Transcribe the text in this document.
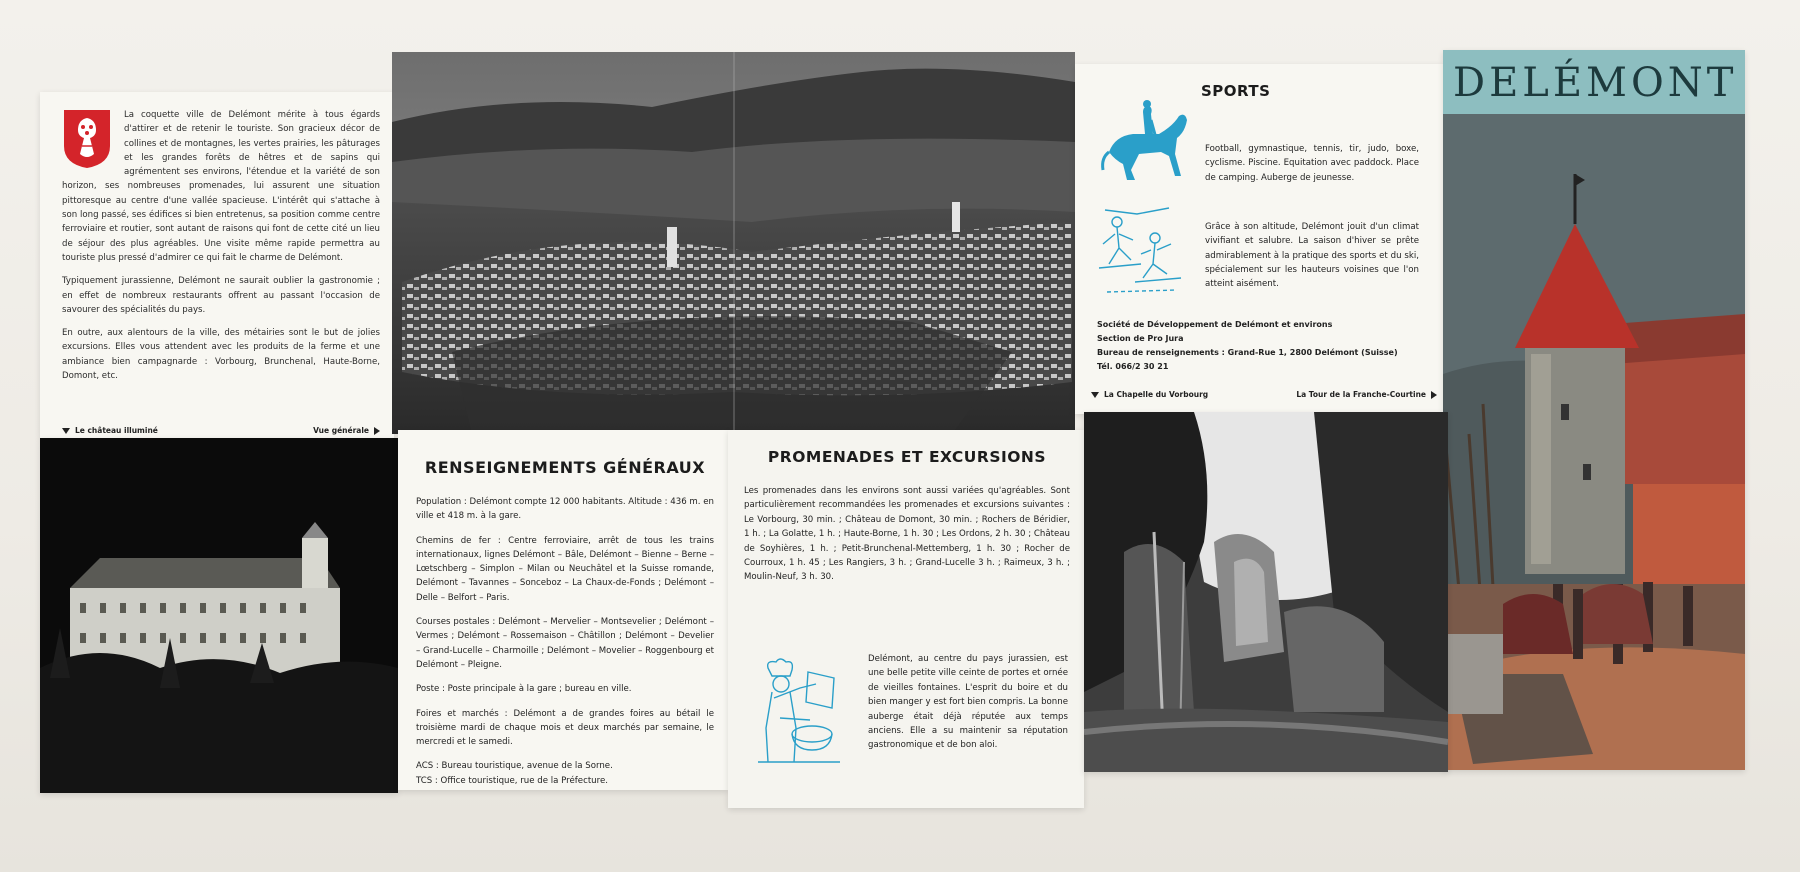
La coquette ville de Delémont mérite à tous égards d'attirer et de retenir le touriste. Son gracieux décor de collines et de montagnes, les vertes prairies, les pâturages et les grandes forêts de hêtres et de sapins qui agrémentent ses environs, l'étendue et la variété de son horizon, ses nombreuses promenades, lui assurent une situation pittoresque au centre d'une vallée spacieuse. L'intérêt qui s'attache à son long passé, ses édifices si bien entretenus, sa position comme centre ferroviaire et routier, sont autant de raisons qui font de cette cité un lieu de séjour des plus agréables. Une visite même rapide permettra au touriste plus pressé d'admirer ce qui fait le charme de Delémont.

Typiquement jurassienne, Delémont ne saurait oublier la gastronomie ; en effet de nombreux restaurants offrent au passant l'occasion de savourer des spécialités du pays.

En outre, aux alentours de la ville, des métairies sont le but de jolies excursions. Elles vous attendent avec les produits de la ferme et une ambiance bien campagnarde : Vorbourg, Brunchenal, Haute-Borne, Domont, etc.

Le château illuminé	Vue générale
SPORTS
Football, gymnastique, tennis, tir, judo, boxe, cyclisme. Piscine. Equitation avec paddock. Place de camping. Auberge de jeunesse.
Grâce à son altitude, Delémont jouit d'un climat vivifiant et salubre. La saison d'hiver se prête admirablement à la pratique des sports et du ski, spécialement sur les hauteurs voisines que l'on atteint aisément.
Société de Développement de Delémont et environs
Section de Pro Jura
Bureau de renseignements : Grand-Rue 1, 2800 Delémont (Suisse)
Tél. 066/2 30 21
La Chapelle du Vorbourg	La Tour de la Franche-Courtine
DELÉMONT
RENSEIGNEMENTS GÉNÉRAUX

Population : Delémont compte 12 000 habitants. Altitude : 436 m. en ville et 418 m. à la gare.

Chemins de fer : Centre ferroviaire, arrêt de tous les trains internationaux, lignes Delémont – Bâle, Delémont – Bienne – Berne – Lœtschberg – Simplon – Milan ou Neuchâtel et la Suisse romande, Delémont – Tavannes – Sonceboz – La Chaux-de-Fonds ; Delémont – Delle – Belfort – Paris.

Courses postales : Delémont – Mervelier – Montsevelier ; Delémont – Vermes ; Delémont – Rossemaison – Châtillon ; Delémont – Develier – Grand-Lucelle – Charmoille ; Delémont – Movelier – Roggenbourg et Delémont – Pleigne.

Poste : Poste principale à la gare ; bureau en ville.

Foires et marchés : Delémont a de grandes foires au bétail le troisième mardi de chaque mois et deux marchés par semaine, le mercredi et le samedi.

ACS : Bureau touristique, avenue de la Sorne.
TCS : Office touristique, rue de la Préfecture.
PROMENADES ET EXCURSIONS

Les promenades dans les environs sont aussi variées qu'agréables. Sont particulièrement recommandées les promenades et excursions suivantes : Le Vorbourg, 30 min. ; Château de Domont, 30 min. ; Rochers de Béridier, 1 h. ; La Golatte, 1 h. ; Haute-Borne, 1 h. 30 ; Les Ordons, 2 h. 30 ; Château de Soyhières, 1 h. ; Petit-Brunchenal-Mettemberg, 1 h. 30 ; Rocher de Courroux, 1 h. 45 ; Les Rangiers, 3 h. ; Grand-Lucelle 3 h. ; Raimeux, 3 h. ; Moulin-Neuf, 3 h. 30.

Delémont, au centre du pays jurassien, est une belle petite ville ceinte de portes et ornée de vieilles fontaines. L'esprit du boire et du bien manger y est fort bien compris. La bonne auberge était déjà réputée aux temps anciens. Elle a su maintenir sa réputation gastronomique et de bon aloi.
